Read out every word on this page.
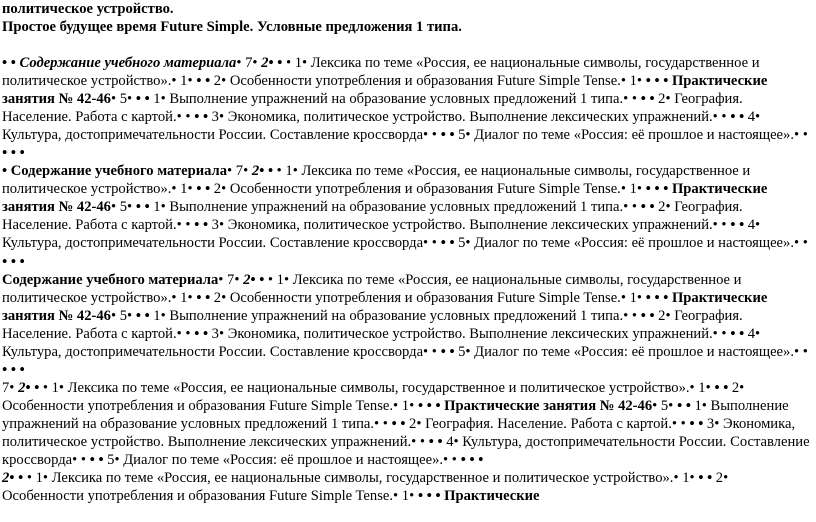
политическое устройство.
Простое будущее время Future Simple. Условные предложения 1 типа.
• • Содержание учебного материала• 7• 2• • • 1• Лексика по теме «Россия, ее национальные символы, государственное и политическое устройство».• 1• • • 2• Особенности употребления и образования Future Simple Tense.• 1• • • • Практические занятия № 42-46• 5• • • 1• Выполнение упражнений на образование условных предложений 1 типа.• • • • 2• География. Население. Работа с картой.• • • • 3• Экономика, политическое устройство. Выполнение лексических упражнений.• • • • 4• Культура, достопримечательности России. Составление кроссворда• • • • 5• Диалог по теме «Россия: её прошлое и настоящее».• • • • •
• Содержание учебного материала• 7• 2• • • 1• Лексика по теме «Россия, ее национальные символы, государственное и политическое устройство».• 1• • • 2• Особенности употребления и образования Future Simple Tense.• 1• • • • Практические занятия № 42-46• 5• • • 1• Выполнение упражнений на образование условных предложений 1 типа.• • • • 2• География. Население. Работа с картой.• • • • 3• Экономика, политическое устройство. Выполнение лексических упражнений.• • • • 4• Культура, достопримечательности России. Составление кроссворда• • • • 5• Диалог по теме «Россия: её прошлое и настоящее».• • • • •
Содержание учебного материала• 7• 2• • • 1• Лексика по теме «Россия, ее национальные символы, государственное и политическое устройство».• 1• • • 2• Особенности употребления и образования Future Simple Tense.• 1• • • • Практические занятия № 42-46• 5• • • 1• Выполнение упражнений на образование условных предложений 1 типа.• • • • 2• География. Население. Работа с картой.• • • • 3• Экономика, политическое устройство. Выполнение лексических упражнений.• • • • 4• Культура, достопримечательности России. Составление кроссворда• • • • 5• Диалог по теме «Россия: её прошлое и настоящее».• • • • •
7• 2• • • 1• Лексика по теме «Россия, ее национальные символы, государственное и политическое устройство».• 1• • • 2• Особенности употребления и образования Future Simple Tense.• 1• • • • Практические занятия № 42-46• 5• • • 1• Выполнение упражнений на образование условных предложений 1 типа.• • • • 2• География. Население. Работа с картой.• • • • 3• Экономика, политическое устройство. Выполнение лексических упражнений.• • • • 4• Культура, достопримечательности России. Составление кроссворда• • • • 5• Диалог по теме «Россия: её прошлое и настоящее».• • • • •
2• • • 1• Лексика по теме «Россия, ее национальные символы, государственное и политическое устройство».• 1• • • 2• Особенности употребления и образования Future Simple Tense.• 1• • • • Практические
